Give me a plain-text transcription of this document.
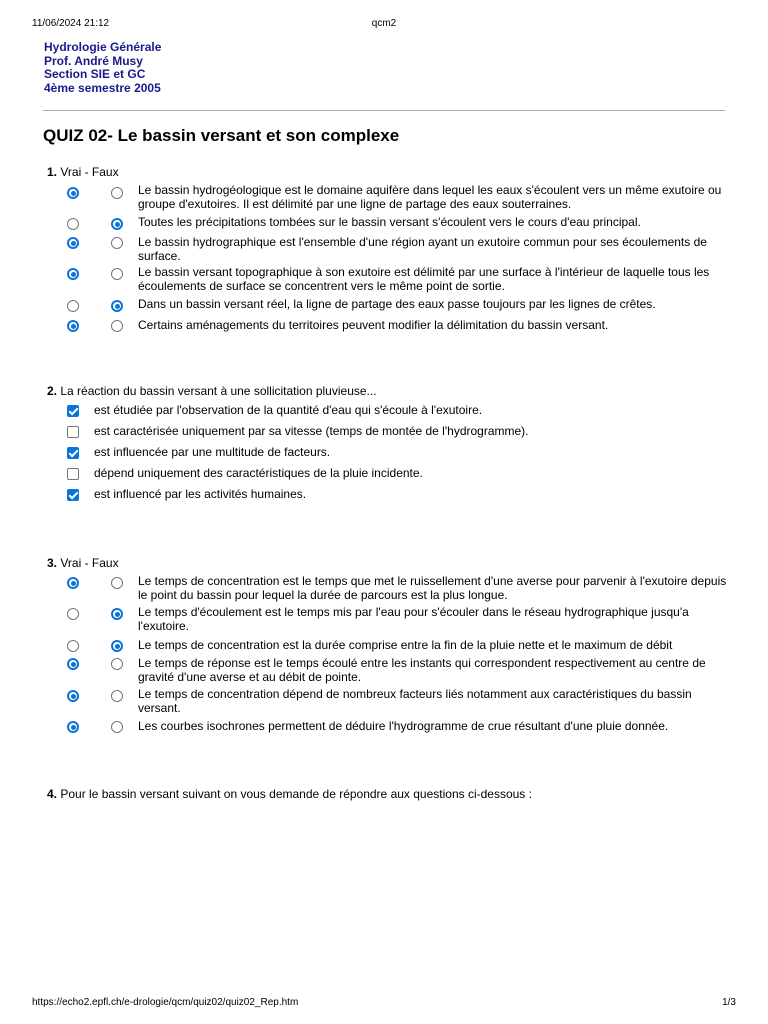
11/06/2024 21:12	qcm2
Hydrologie Générale
Prof. André Musy
Section SIE et GC
4ème semestre 2005
QUIZ 02- Le bassin versant et son complexe
1. Vrai - Faux
Le bassin hydrogéologique est le domaine aquifère dans lequel les eaux s'écoulent vers un même exutoire ou groupe d'exutoires. Il est délimité par une ligne de partage des eaux souterraines.
Toutes les précipitations tombées sur le bassin versant s'écoulent vers le cours d'eau principal.
Le bassin hydrographique est l'ensemble d'une région ayant un exutoire commun pour ses écoulements de surface.
Le bassin versant topographique à son exutoire est délimité par une surface à l'intérieur de laquelle tous les écoulements de surface se concentrent vers le même point de sortie.
Dans un bassin versant réel, la ligne de partage des eaux passe toujours par les lignes de crêtes.
Certains aménagements du territoires peuvent modifier la délimitation du bassin versant.
2. La réaction du bassin versant à une sollicitation pluvieuse...
est étudiée par l'observation de la quantité d'eau qui s'écoule à l'exutoire.
est caractérisée uniquement par sa vitesse (temps de montée de l'hydrogramme).
est influencée par une multitude de facteurs.
dépend uniquement des caractéristiques de la pluie incidente.
est influencé par les activités humaines.
3. Vrai - Faux
Le temps de concentration est le temps que met le ruissellement d'une averse pour parvenir à l'exutoire depuis le point du bassin pour lequel la durée de parcours est la plus longue.
Le temps d'écoulement est le temps mis par l'eau pour s'écouler dans le réseau hydrographique jusqu'a l'exutoire.
Le temps de concentration est la durée comprise entre la fin de la pluie nette et le maximum de débit
Le temps de réponse est le temps écoulé entre les instants qui correspondent respectivement au centre de gravité d'une averse et au débit de pointe.
Le temps de concentration dépend de nombreux facteurs liés notamment aux caractéristiques du bassin versant.
Les courbes isochrones permettent de déduire l'hydrogramme de crue résultant d'une pluie donnée.
4. Pour le bassin versant suivant on vous demande de répondre aux questions ci-dessous :
https://echo2.epfl.ch/e-drologie/qcm/quiz02/quiz02_Rep.htm	1/3
